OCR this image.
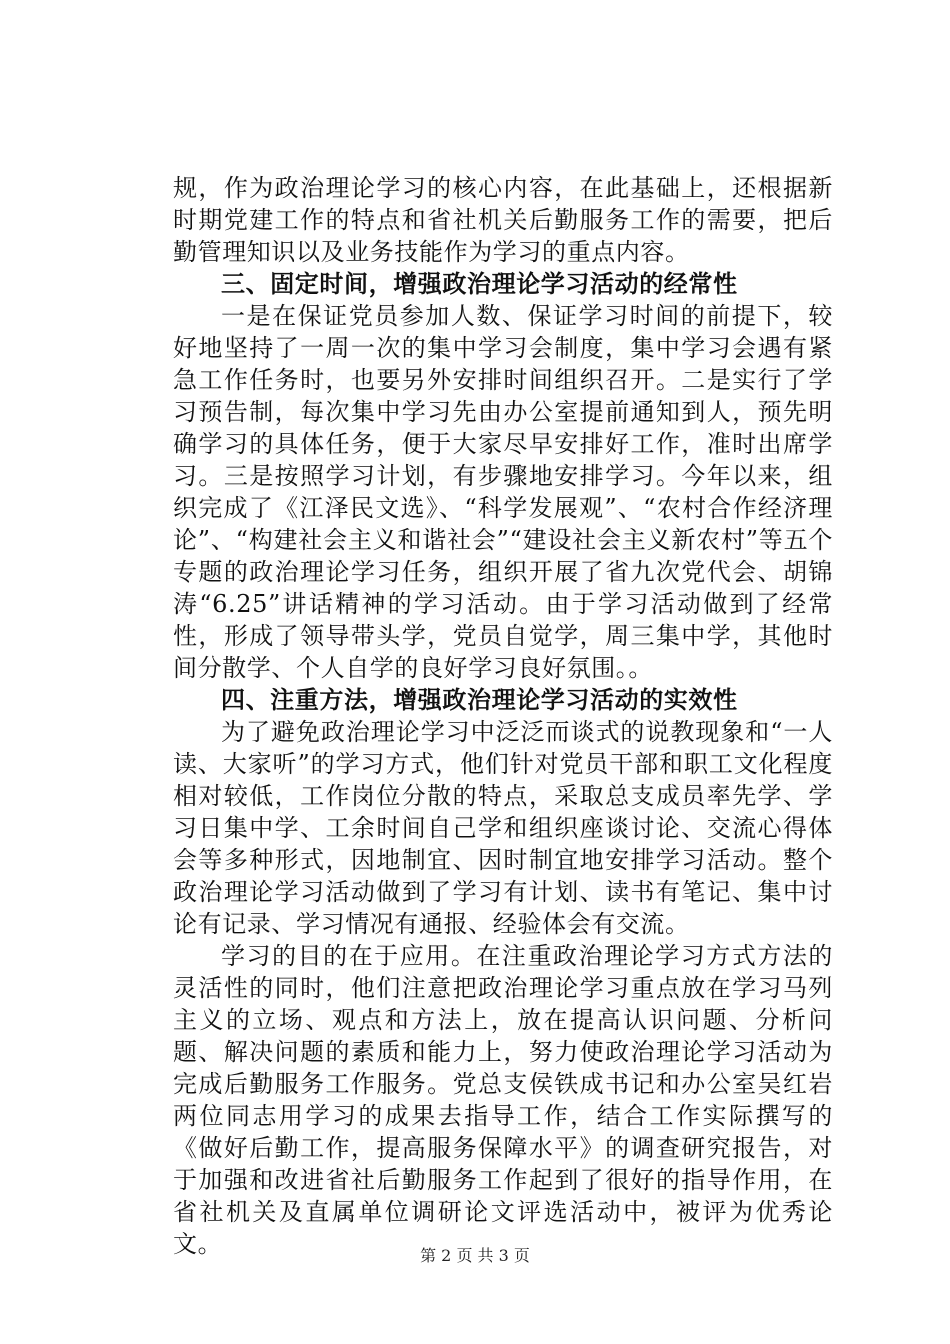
规，作为政治理论学习的核心内容，在此基础上，还根据新时期党建工作的特点和省社机关后勤服务工作的需要，把后勤管理知识以及业务技能作为学习的重点内容。

三、固定时间，增强政治理论学习活动的经常性

一是在保证党员参加人数、保证学习时间的前提下，较好地坚持了一周一次的集中学习会制度，集中学习会遇有紧急工作任务时，也要另外安排时间组织召开。二是实行了学习预告制，每次集中学习先由办公室提前通知到人，预先明确学习的具体任务，便于大家尽早安排好工作，准时出席学习。三是按照学习计划，有步骤地安排学习。今年以来，组织完成了《江泽民文选》、“科学发展观”、“农村合作经济理论”、“构建社会主义和谐社会”“建设社会主义新农村”等五个专题的政治理论学习任务，组织开展了省九次党代会、胡锦涛“6.25”讲话精神的学习活动。由于学习活动做到了经常性，形成了领导带头学，党员自觉学，周三集中学，其他时间分散学、个人自学的良好学习良好氛围。。

四、注重方法，增强政治理论学习活动的实效性

为了避免政治理论学习中泛泛而谈式的说教现象和“一人读、大家听”的学习方式，他们针对党员干部和职工文化程度相对较低，工作岗位分散的特点，采取总支成员率先学、学习日集中学、工余时间自己学和组织座谈讨论、交流心得体会等多种形式，因地制宜、因时制宜地安排学习活动。整个政治理论学习活动做到了学习有计划、读书有笔记、集中讨论有记录、学习情况有通报、经验体会有交流。

学习的目的在于应用。在注重政治理论学习方式方法的灵活性的同时，他们注意把政治理论学习重点放在学习马列主义的立场、观点和方法上，放在提高认识问题、分析问题、解决问题的素质和能力上，努力使政治理论学习活动为完成后勤服务工作服务。党总支侯铁成书记和办公室吴红岩两位同志用学习的成果去指导工作，结合工作实际撰写的《做好后勤工作，提高服务保障水平》的调查研究报告，对于加强和改进省社后勤服务工作起到了很好的指导作用，在省社机关及直属单位调研论文评选活动中，被评为优秀论文。	第 2 页 共 3 页
